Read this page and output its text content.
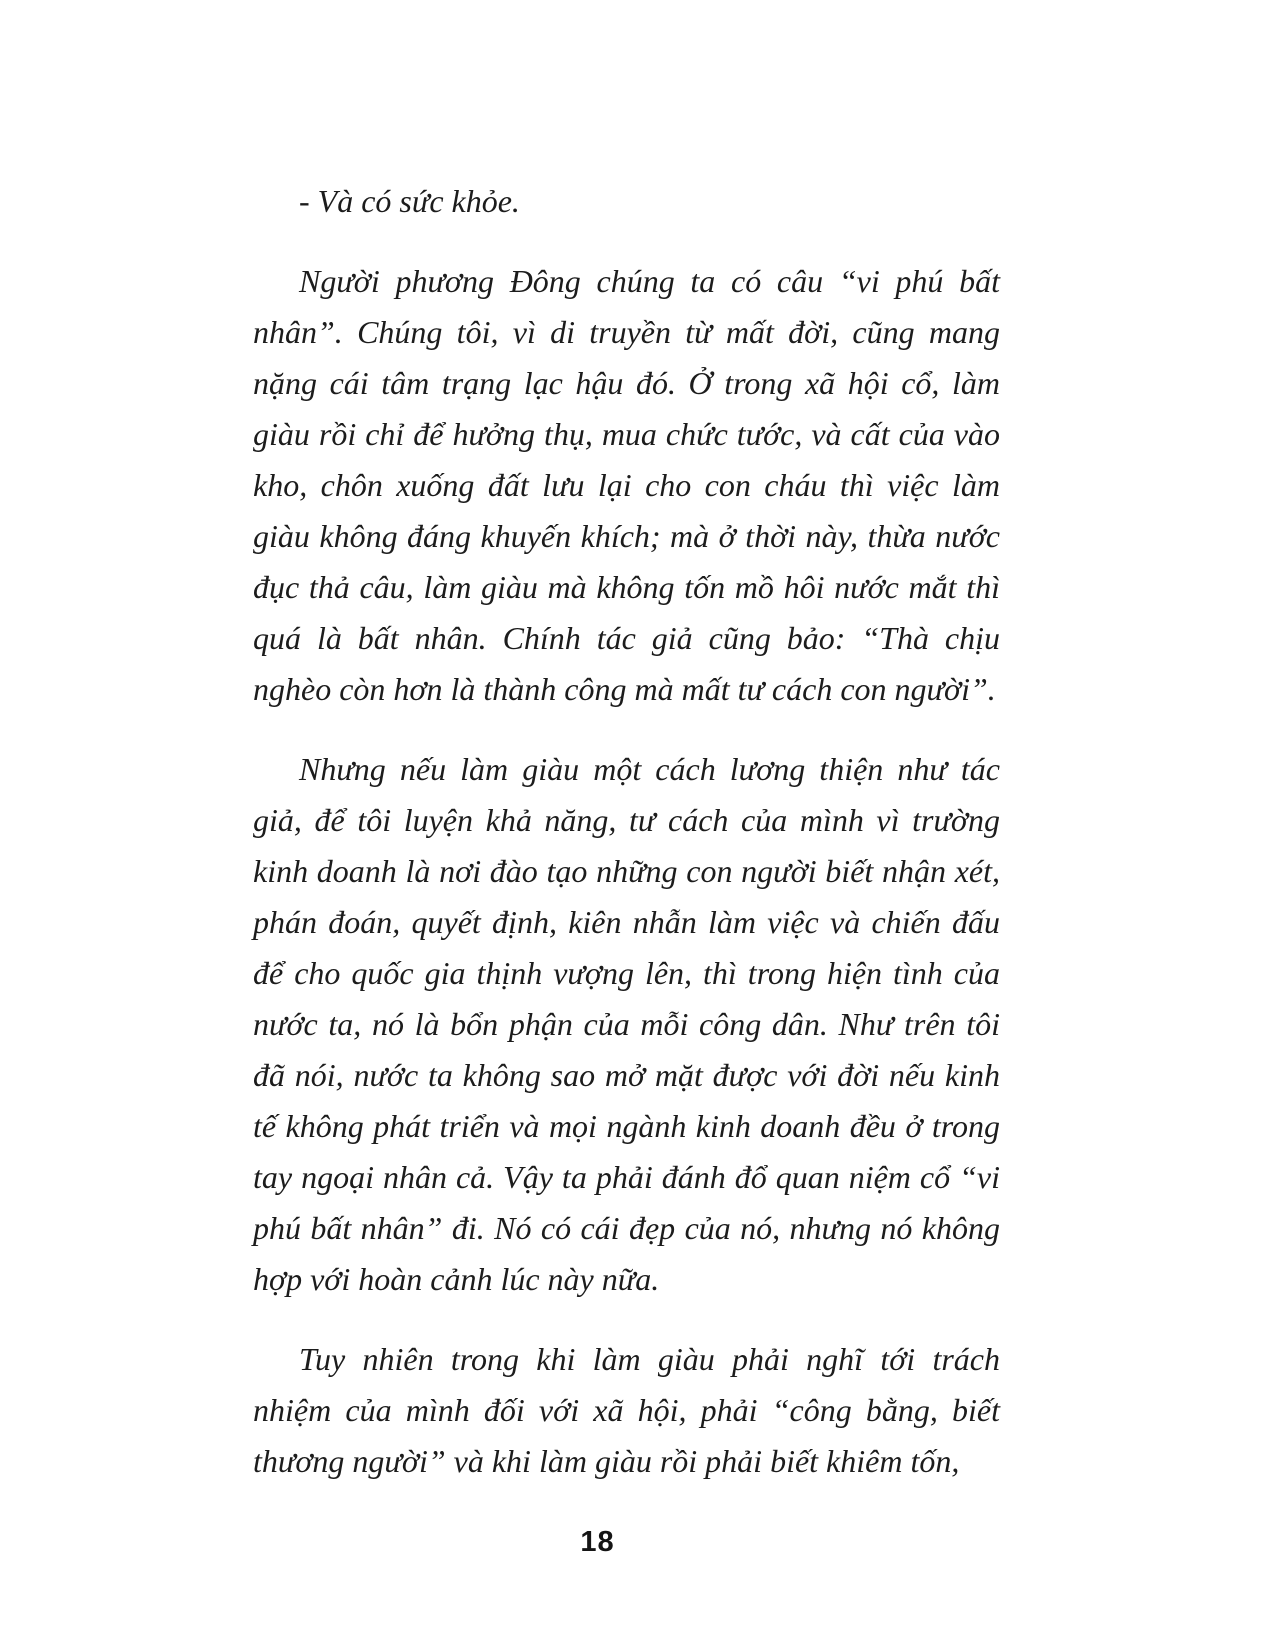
- Và có sức khỏe.

Người phương Đông chúng ta có câu “vi phú bất nhân”. Chúng tôi, vì di truyền từ mất đời, cũng mang nặng cái tâm trạng lạc hậu đó. Ở trong xã hội cổ, làm giàu rồi chỉ để hưởng thụ, mua chức tước, và cất của vào kho, chôn xuống đất lưu lại cho con cháu thì việc làm giàu không đáng khuyến khích; mà ở thời này, thừa nước đục thả câu, làm giàu mà không tốn mồ hôi nước mắt thì quá là bất nhân. Chính tác giả cũng bảo: “Thà chịu nghèo còn hơn là thành công mà mất tư cách con người”.

Nhưng nếu làm giàu một cách lương thiện như tác giả, để tôi luyện khả năng, tư cách của mình vì trường kinh doanh là nơi đào tạo những con người biết nhận xét, phán đoán, quyết định, kiên nhẫn làm việc và chiến đấu để cho quốc gia thịnh vượng lên, thì trong hiện tình của nước ta, nó là bổn phận của mỗi công dân. Như trên tôi đã nói, nước ta không sao mở mặt được với đời nếu kinh tế không phát triển và mọi ngành kinh doanh đều ở trong tay ngoại nhân cả. Vậy ta phải đánh đổ quan niệm cổ “vi phú bất nhân” đi. Nó có cái đẹp của nó, nhưng nó không hợp với hoàn cảnh lúc này nữa.

Tuy nhiên trong khi làm giàu phải nghĩ tới trách nhiệm của mình đối với xã hội, phải “công bằng, biết thương người” và khi làm giàu rồi phải biết khiêm tốn,

18
